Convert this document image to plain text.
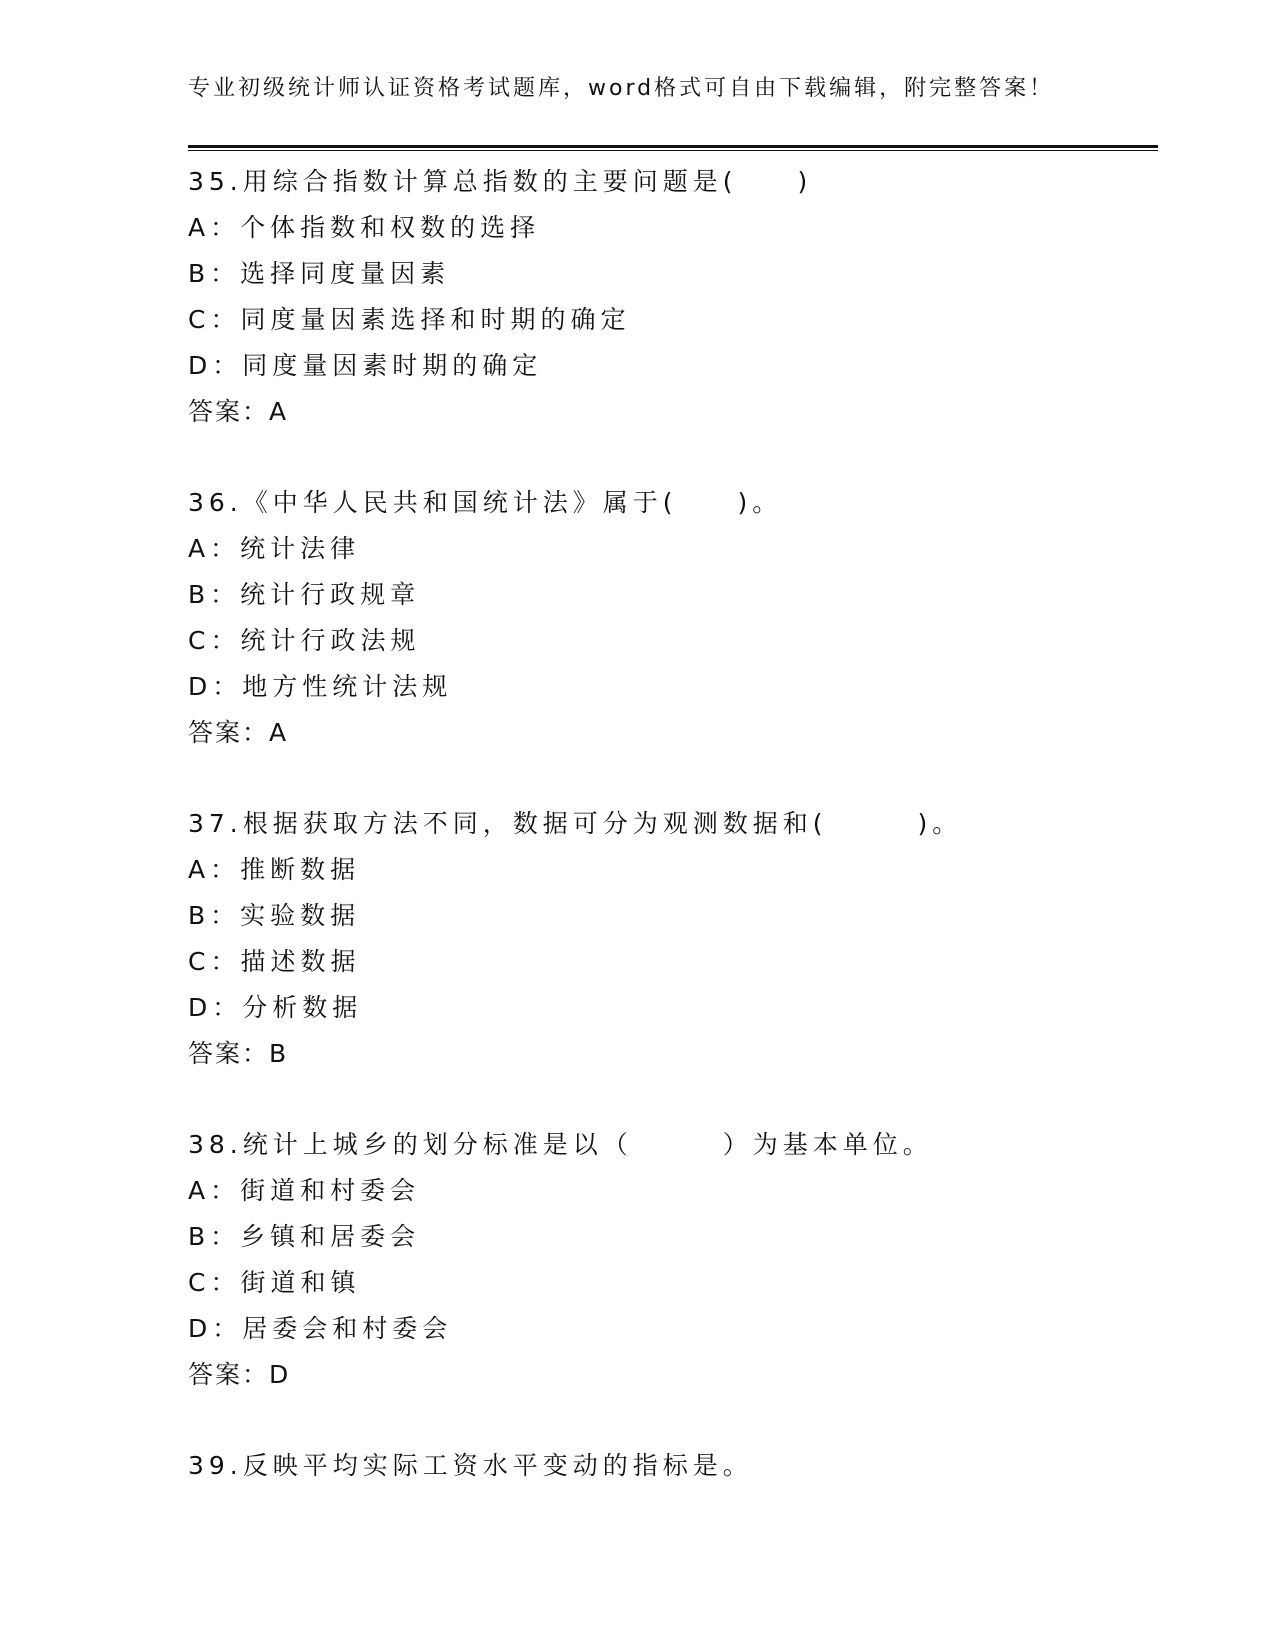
专业初级统计师认证资格考试题库，word格式可自由下载编辑，附完整答案！
35.用综合指数计算总指数的主要问题是(　　)
A：个体指数和权数的选择
B：选择同度量因素
C：同度量因素选择和时期的确定
D：同度量因素时期的确定
答案：A
36.《中华人民共和国统计法》属于(　　)。
A：统计法律
B：统计行政规章
C：统计行政法规
D：地方性统计法规
答案：A
37.根据获取方法不同，数据可分为观测数据和(　　　)。
A：推断数据
B：实验数据
C：描述数据
D：分析数据
答案：B
38.统计上城乡的划分标准是以（　　　）为基本单位。
A：街道和村委会
B：乡镇和居委会
C：街道和镇
D：居委会和村委会
答案：D
39.反映平均实际工资水平变动的指标是。
